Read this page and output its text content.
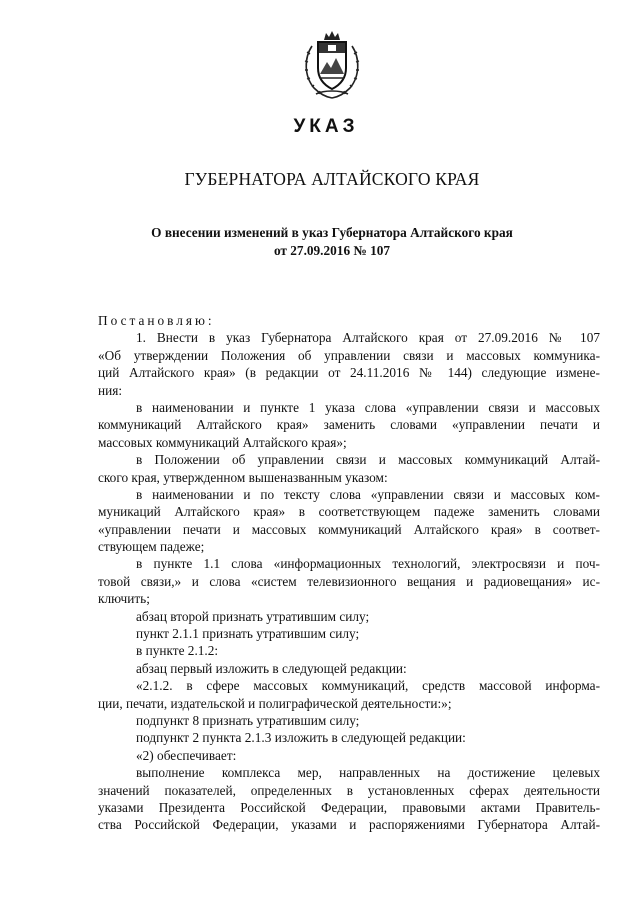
УКАЗ
ГУБЕРНАТОРА АЛТАЙСКОГО КРАЯ
О внесении изменений в указ Губернатора Алтайского края
от 27.09.2016 № 107
Постановляю:
1. Внести в указ Губернатора Алтайского края от 27.09.2016 № 107
«Об утверждении Положения об управлении связи и массовых коммуника-
ций Алтайского края» (в редакции от 24.11.2016 № 144) следующие измене-
ния:
в наименовании и пункте 1 указа слова «управлении связи и массовых
коммуникаций Алтайского края» заменить словами «управлении печати и
массовых коммуникаций Алтайского края»;
в Положении об управлении связи и массовых коммуникаций Алтай-
ского края, утвержденном вышеназванным указом:
в наименовании и по тексту слова «управлении связи и массовых ком-
муникаций Алтайского края» в соответствующем падеже заменить словами
«управлении печати и массовых коммуникаций Алтайского края» в соответ-
ствующем падеже;
в пункте 1.1 слова «информационных технологий, электросвязи и поч-
товой связи,» и слова «систем телевизионного вещания и радиовещания» ис-
ключить;
абзац второй признать утратившим силу;
пункт 2.1.1 признать утратившим силу;
в пункте 2.1.2:
абзац первый изложить в следующей редакции:
«2.1.2. в сфере массовых коммуникаций, средств массовой информа-
ции, печати, издательской и полиграфической деятельности:»;
подпункт 8 признать утратившим силу;
подпункт 2 пункта 2.1.3 изложить в следующей редакции:
«2) обеспечивает:
выполнение комплекса мер, направленных на достижение целевых
значений показателей, определенных в установленных сферах деятельности
указами Президента Российской Федерации, правовыми актами Правитель-
ства Российской Федерации, указами и распоряжениями Губернатора Алтай-
